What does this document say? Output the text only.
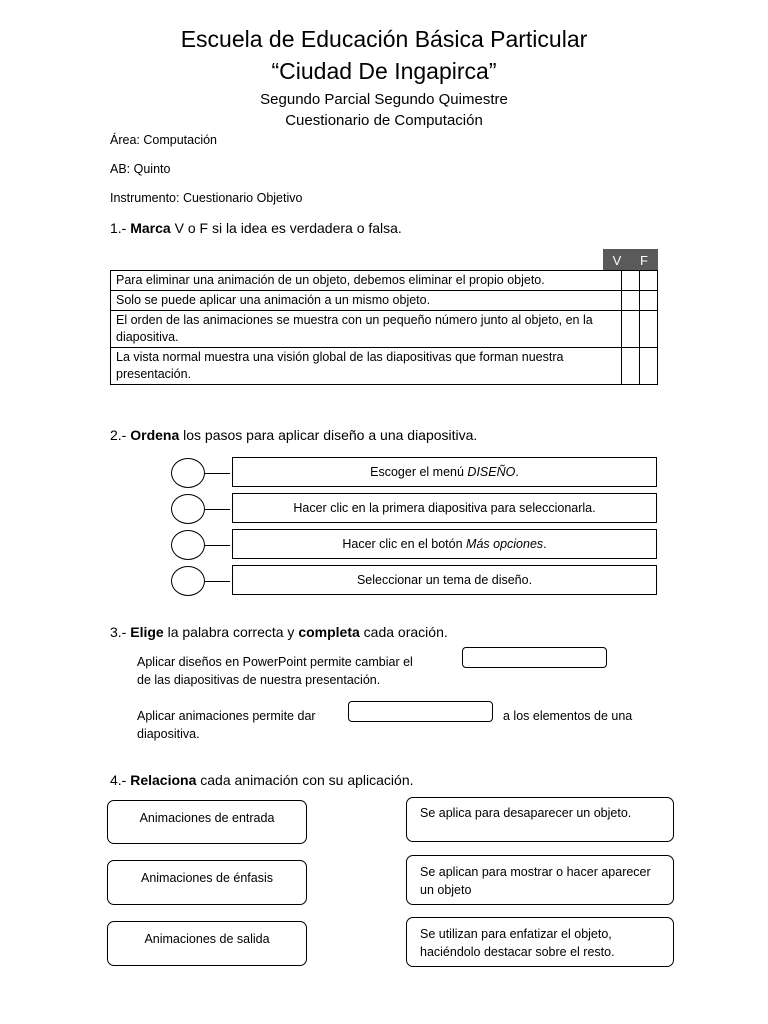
Escuela de Educación Básica Particular
“Ciudad De Ingapirca”
Segundo Parcial Segundo Quimestre
Cuestionario de Computación
Área: Computación
AB: Quinto
Instrumento: Cuestionario Objetivo
1.- Marca V o F si la idea es verdadera o falsa.
V	F
Para eliminar una animación de un objeto, debemos eliminar el propio objeto.		
Solo se puede aplicar una animación a un mismo objeto.		
El orden de las animaciones se muestra con un pequeño número junto al objeto, en la diapositiva.		
La vista normal muestra una visión global de las diapositivas que forman nuestra presentación.		
2.- Ordena los pasos para aplicar diseño a una diapositiva.
Escoger el menú DISEÑO.
Hacer clic en la primera diapositiva para seleccionarla.
Hacer clic en el botón Más opciones.
Seleccionar un tema de diseño.
3.- Elige la palabra correcta y completa cada oración.
Aplicar diseños en PowerPoint permite cambiar el
de las diapositivas de nuestra presentación.
Aplicar animaciones permite dar	a los elementos de una
diapositiva.
4.- Relaciona cada animación con su aplicación.
Animaciones de entrada
Animaciones de énfasis
Animaciones de salida
Se aplica para desaparecer un objeto.
Se aplican para mostrar o hacer aparecer un objeto
Se utilizan para enfatizar el objeto, haciéndolo destacar sobre el resto.
